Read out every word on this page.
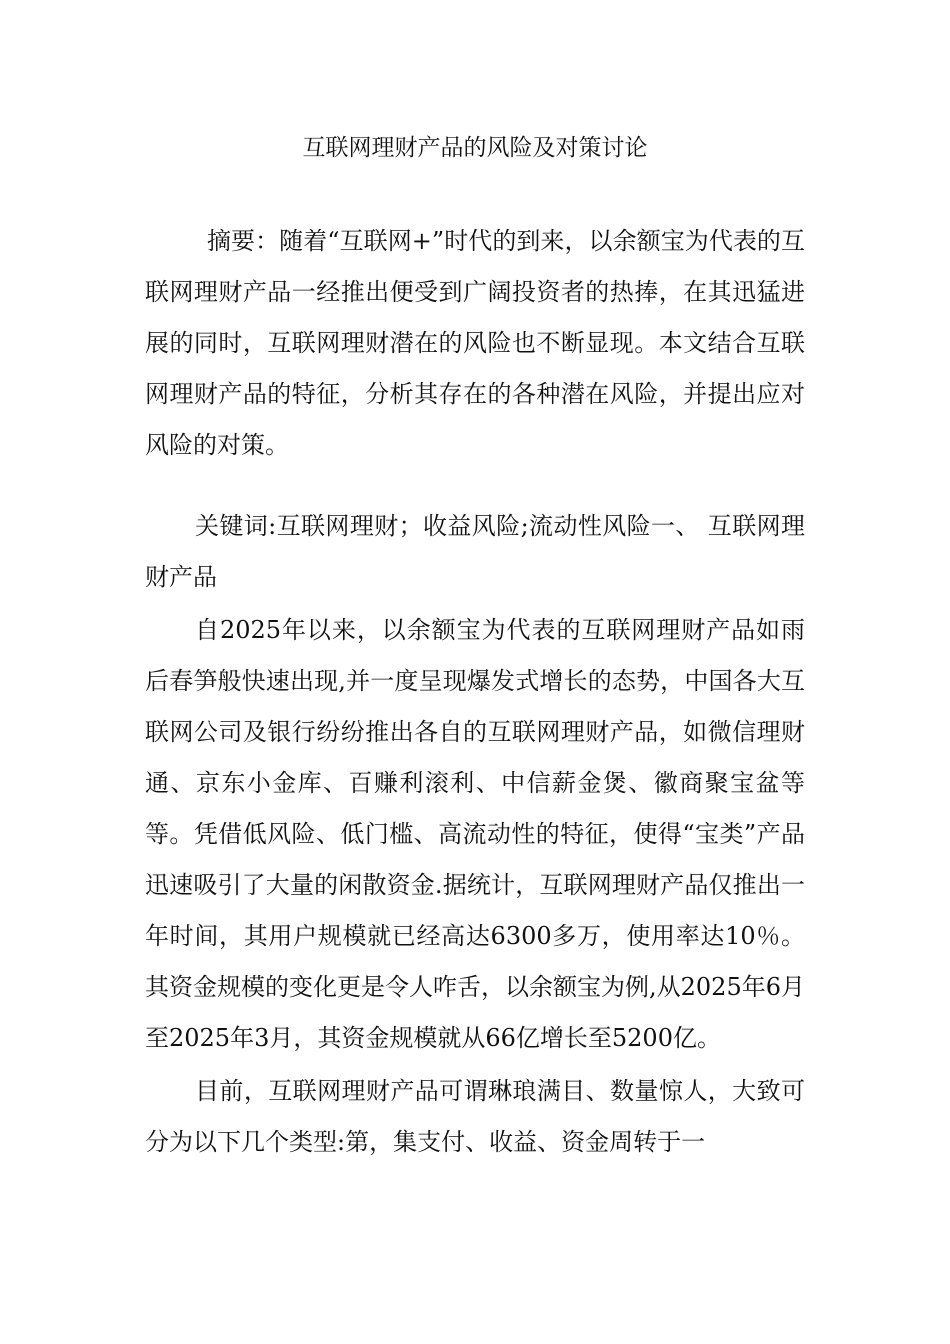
互联网理财产品的风险及对策讨论

摘要：随着“互联网+”时代的到来，以余额宝为代表的互联网理财产品一经推出便受到广阔投资者的热捧，在其迅猛进展的同时，互联网理财潜在的风险也不断显现。本文结合互联网理财产品的特征，分析其存在的各种潜在风险，并提出应对风险的对策。

关键词:互联网理财；收益风险;流动性风险一、 互联网理财产品

自2025年以来，以余额宝为代表的互联网理财产品如雨后春笋般快速出现,并一度呈现爆发式增长的态势，中国各大互联网公司及银行纷纷推出各自的互联网理财产品，如微信理财通、京东小金库、百赚利滚利、中信薪金煲、徽商聚宝盆等等。凭借低风险、低门槛、高流动性的特征，使得“宝类”产品迅速吸引了大量的闲散资金.据统计，互联网理财产品仅推出一年时间，其用户规模就已经高达6300多万，使用率达10％。其资金规模的变化更是令人咋舌，以余额宝为例,从2025年6月至2025年3月，其资金规模就从66亿增长至5200亿。

目前，互联网理财产品可谓琳琅满目、数量惊人，大致可分为以下几个类型:第，集支付、收益、资金周转于一
